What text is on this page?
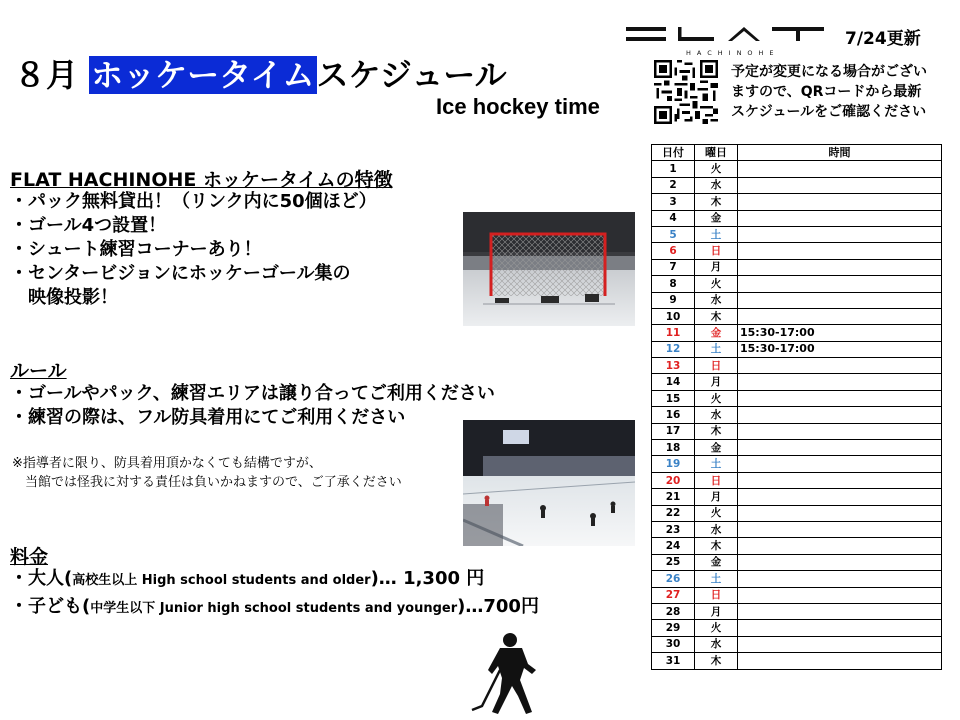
８月 ホッケータイムスケジュール
Ice hockey time
HACHINOHE
7/24更新
予定が変更になる場合がござい
ますので、QRコードから最新
スケジュールをご確認ください
FLAT HACHINOHE ホッケータイムの特徴
・パック無料貸出！（リンク内に50個ほど）
・ゴール4つ設置！
・シュート練習コーナーあり！
・センタービジョンにホッケーゴール集の
　映像投影！
ルール
・ゴールやパック、練習エリアは譲り合ってご利用ください
・練習の際は、フル防具着用にてご利用ください
※指導者に限り、防具着用頂かなくても結構ですが、
　当館では怪我に対する責任は負いかねますので、ご了承ください
料金
・大人(高校生以上 High school students and older)… 1,300 円
・子ども(中学生以下 Junior high school students and younger)…700円
日付	曜日	時間
1	火	
2	水	
3	木	
4	金	
5	土	
6	日	
7	月	
8	火	
9	水	
10	木	
11	金	15:30-17:00
12	土	15:30-17:00
13	日	
14	月	
15	火	
16	水	
17	木	
18	金	
19	土	
20	日	
21	月	
22	火	
23	水	
24	木	
25	金	
26	土	
27	日	
28	月	
29	火	
30	水	
31	木	
